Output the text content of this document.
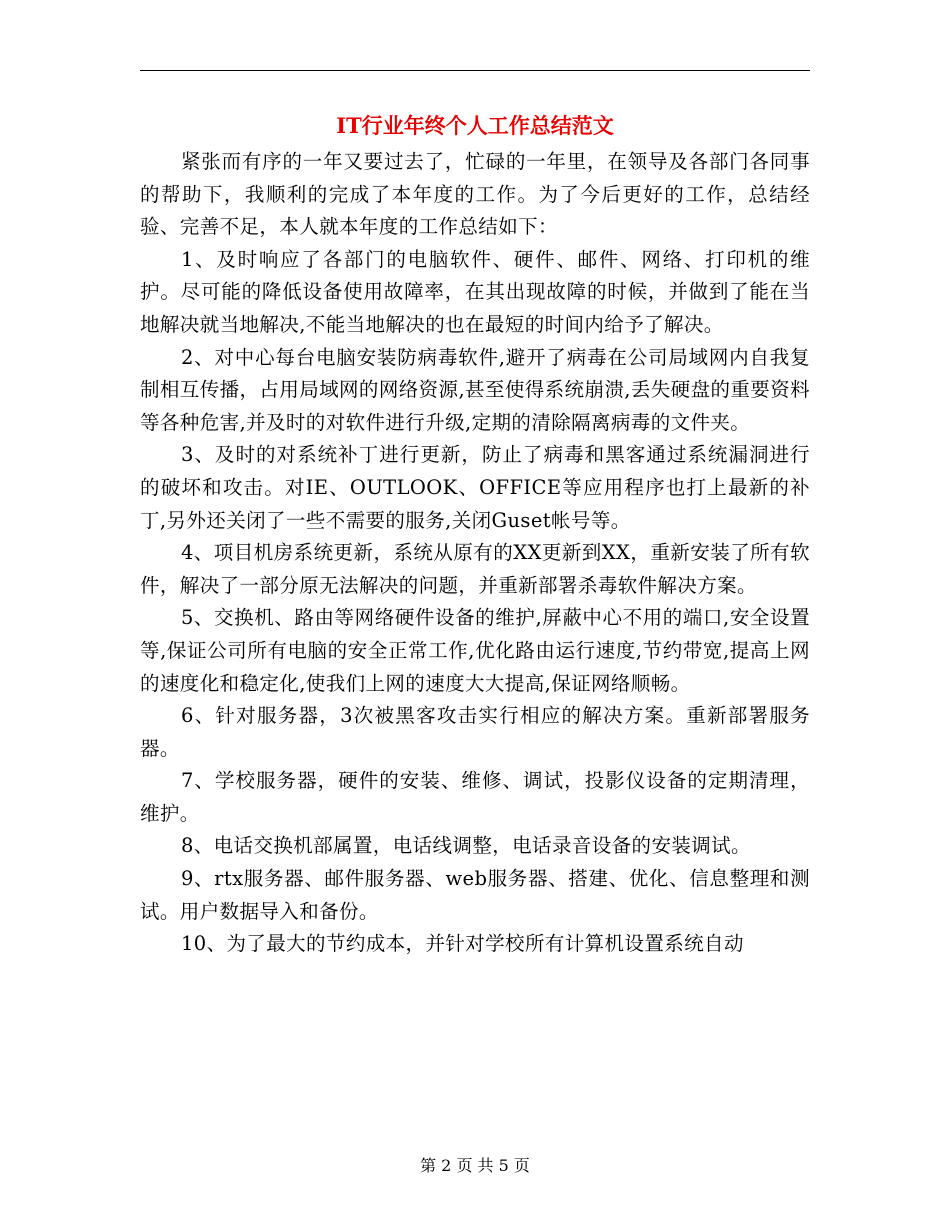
IT行业年终个人工作总结范文

紧张而有序的一年又要过去了，忙碌的一年里，在领导及各部门各同事的帮助下，我顺利的完成了本年度的工作。为了今后更好的工作，总结经验、完善不足，本人就本年度的工作总结如下：

1、及时响应了各部门的电脑软件、硬件、邮件、网络、打印机的维护。尽可能的降低设备使用故障率，在其出现故障的时候，并做到了能在当地解决就当地解决,不能当地解决的也在最短的时间内给予了解决。

2、对中心每台电脑安装防病毒软件,避开了病毒在公司局域网内自我复制相互传播，占用局域网的网络资源,甚至使得系统崩溃,丢失硬盘的重要资料等各种危害,并及时的对软件进行升级,定期的清除隔离病毒的文件夹。

3、及时的对系统补丁进行更新，防止了病毒和黑客通过系统漏洞进行的破坏和攻击。对IE、OUTLOOK、OFFICE等应用程序也打上最新的补丁,另外还关闭了一些不需要的服务,关闭Guset帐号等。

4、项目机房系统更新，系统从原有的XX更新到XX，重新安装了所有软件，解决了一部分原无法解决的问题，并重新部署杀毒软件解决方案。

5、交换机、路由等网络硬件设备的维护,屏蔽中心不用的端口,安全设置等,保证公司所有电脑的安全正常工作,优化路由运行速度,节约带宽,提高上网的速度化和稳定化,使我们上网的速度大大提高,保证网络顺畅。

6、针对服务器，3次被黑客攻击实行相应的解决方案。重新部署服务器。

7、学校服务器，硬件的安装、维修、调试，投影仪设备的定期清理，维护。

8、电话交换机部属置，电话线调整，电话录音设备的安装调试。

9、rtx服务器、邮件服务器、web服务器、搭建、优化、信息整理和测试。用户数据导入和备份。

10、为了最大的节约成本，并针对学校所有计算机设置系统自动

第 2 页 共 5 页
